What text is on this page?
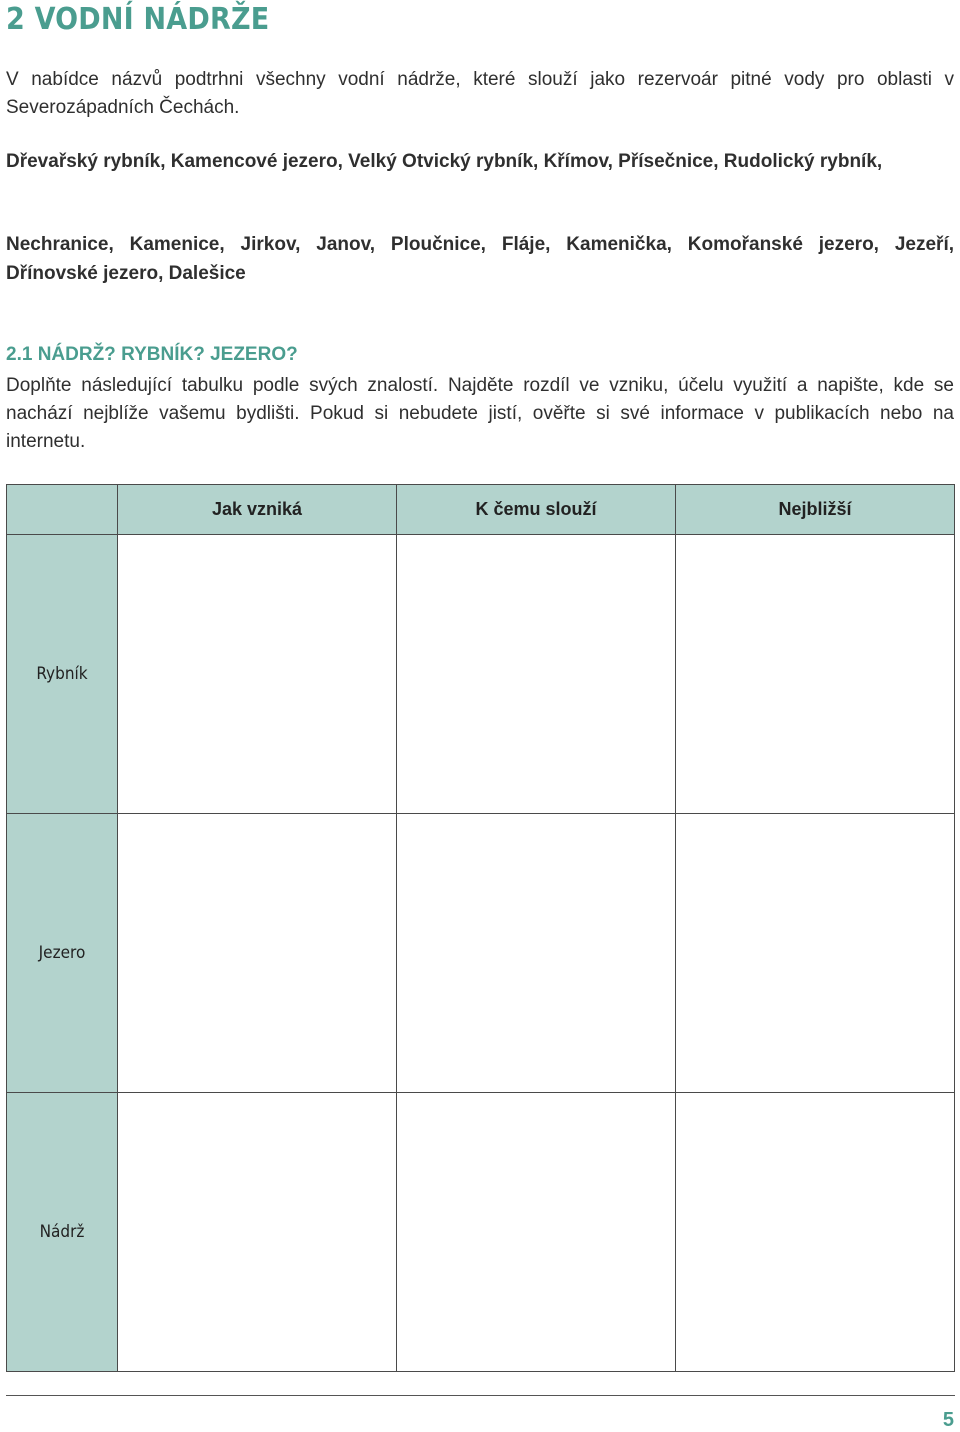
2 VODNÍ NÁDRŽE

V nabídce názvů podtrhni všechny vodní nádrže, které slouží jako rezervoár pitné vody pro oblasti v Severozápadních Čechách.

Dřevařský rybník, Kamencové jezero, Velký Otvický rybník, Křímov, Přísečnice, Rudolický rybník,

Nechranice, Kamenice, Jirkov, Janov, Ploučnice, Fláje, Kamenička, Komořanské jezero, Jezeří, Dřínovské jezero, Dalešice

2.1 NÁDRŽ? RYBNÍK? JEZERO?

Doplňte následující tabulku podle svých znalostí. Najděte rozdíl ve vzniku, účelu využití a napište, kde se nachází nejblíže vašemu bydlišti. Pokud si nebudete jistí, ověřte si své informace v publikacích nebo na internetu.

	Jak vzniká	K čemu slouží	Nejbližší
Rybník			
Jezero			
Nádrž			

5
